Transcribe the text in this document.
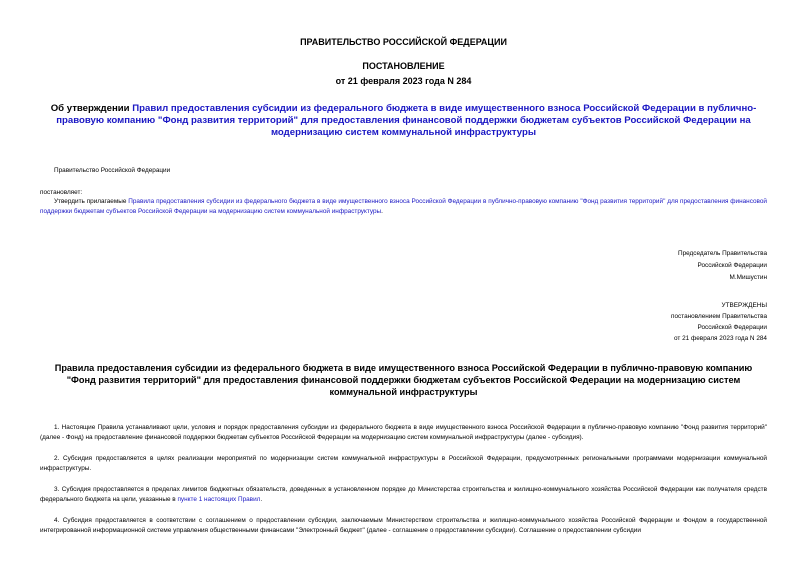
ПРАВИТЕЛЬСТВО РОССИЙСКОЙ ФЕДЕРАЦИИ
ПОСТАНОВЛЕНИЕ
от 21 февраля 2023 года N 284
Об утверждении Правил предоставления субсидии из федерального бюджета в виде имущественного взноса Российской Федерации в публично-правовую компанию "Фонд развития территорий" для предоставления финансовой поддержки бюджетам субъектов Российской Федерации на модернизацию систем коммунальной инфраструктуры
Правительство Российской Федерации
постановляет:
Утвердить прилагаемые Правила предоставления субсидии из федерального бюджета в виде имущественного взноса Российской Федерации в публично-правовую компанию "Фонд развития территорий" для предоставления финансовой поддержки бюджетам субъектов Российской Федерации на модернизацию систем коммунальной инфраструктуры.
Председатель Правительства
Российской Федерации
М.Мишустин
УТВЕРЖДЕНЫ
постановлением Правительства
Российской Федерации
от 21 февраля 2023 года N 284
Правила предоставления субсидии из федерального бюджета в виде имущественного взноса Российской Федерации в публично-правовую компанию "Фонд развития территорий" для предоставления финансовой поддержки бюджетам субъектов Российской Федерации на модернизацию систем коммунальной инфраструктуры
1. Настоящие Правила устанавливают цели, условия и порядок предоставления субсидии из федерального бюджета в виде имущественного взноса Российской Федерации в публично-правовую компанию "Фонд развития территорий" (далее - Фонд) на предоставление финансовой поддержки бюджетам субъектов Российской Федерации на модернизацию систем коммунальной инфраструктуры (далее - субсидия).
2. Субсидия предоставляется в целях реализации мероприятий по модернизации систем коммунальной инфраструктуры в Российской Федерации, предусмотренных региональными программами модернизации коммунальной инфраструктуры.
3. Субсидия предоставляется в пределах лимитов бюджетных обязательств, доведенных в установленном порядке до Министерства строительства и жилищно-коммунального хозяйства Российской Федерации как получателя средств федерального бюджета на цели, указанные в пункте 1 настоящих Правил.
4. Субсидия предоставляется в соответствии с соглашением о предоставлении субсидии, заключаемым Министерством строительства и жилищно-коммунального хозяйства Российской Федерации и Фондом в государственной интегрированной информационной системе управления общественными финансами "Электронный бюджет" (далее - соглашение о предоставлении субсидии). Соглашение о предоставлении субсидии
